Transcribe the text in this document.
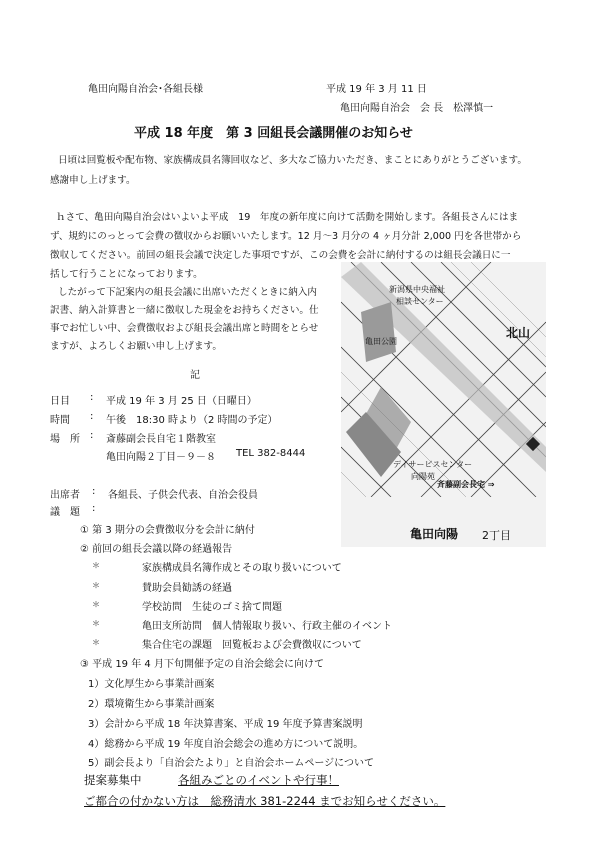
亀田向陽自治会･各組長様	平成 19 年 3 月 11 日
亀田向陽自治会　会 長　松澤慎一
平成 18 年度　第 3 回組長会議開催のお知らせ
日頃は回覧板や配布物、家族構成員名簿回収など、多大なご協力いただき、まことにありがとうございます。
感謝申し上げます。
ｈさて、亀田向陽自治会はいよいよ平成　19　年度の新年度に向けて活動を開始します。各組長さんにはま
ず、規約にのっとって会費の徴収からお願いいたします。12 月～3 月分の 4 ヶ月分計 2,000 円を各世帯から
徴収してください。前回の組長会議で決定した事項ですが、この会費を会計に納付するのは組長会議日に一
括して行うことになっております。
したがって下記案内の組長会議に出席いただくときに納入内
訳書、納入計算書と一緒に徴収した現金をお持ちください。仕
事でお忙しい中、会費徴収および組長会議出席と時間をとらせ
ますが、よろしくお願い申し上げます。
記
日目 : 平成 19 年 3 月 25 日（日曜日）
時間 : 午後　18:30 時より（2 時間の予定）
場　所 : 斎藤副会長自宅１階教室
亀田向陽２丁目－９－８ TEL 382-8444
出席者 : 各組長、子供会代表、自治会役員
議　題 :
① 第 3 期分の会費徴収分を会計に納付
② 前回の組長会議以降の経過報告
＊	家族構成員名簿作成とその取り扱いについて
＊	賛助会員勧誘の経過
＊	学校訪問　生徒のゴミ捨て問題
＊	亀田支所訪問　個人情報取り扱い、行政主催のイベント
＊	集合住宅の課題　回覧板および会費徴収について
③ 平成 19 年 4 月下旬開催予定の自治会総会に向けて
1）文化厚生から事業計画案
2）環境衛生から事業計画案
3）会計から平成 18 年決算書案、平成 19 年度予算書案説明
4）総務から平成 19 年度自治会総会の進め方について説明。
5）副会長より「自治会たより」と自治会ホームページについて
提案募集中	各組みごとのイベントや行事！
ご都合の付かない方は　総務清水 381-2244 までお知らせください。
新潟県中央福祉
相談センター
亀田公園
北山
デイサービスセンター
向陽苑
斉藤副会長宅 ⇒
亀田向陽 2丁目
